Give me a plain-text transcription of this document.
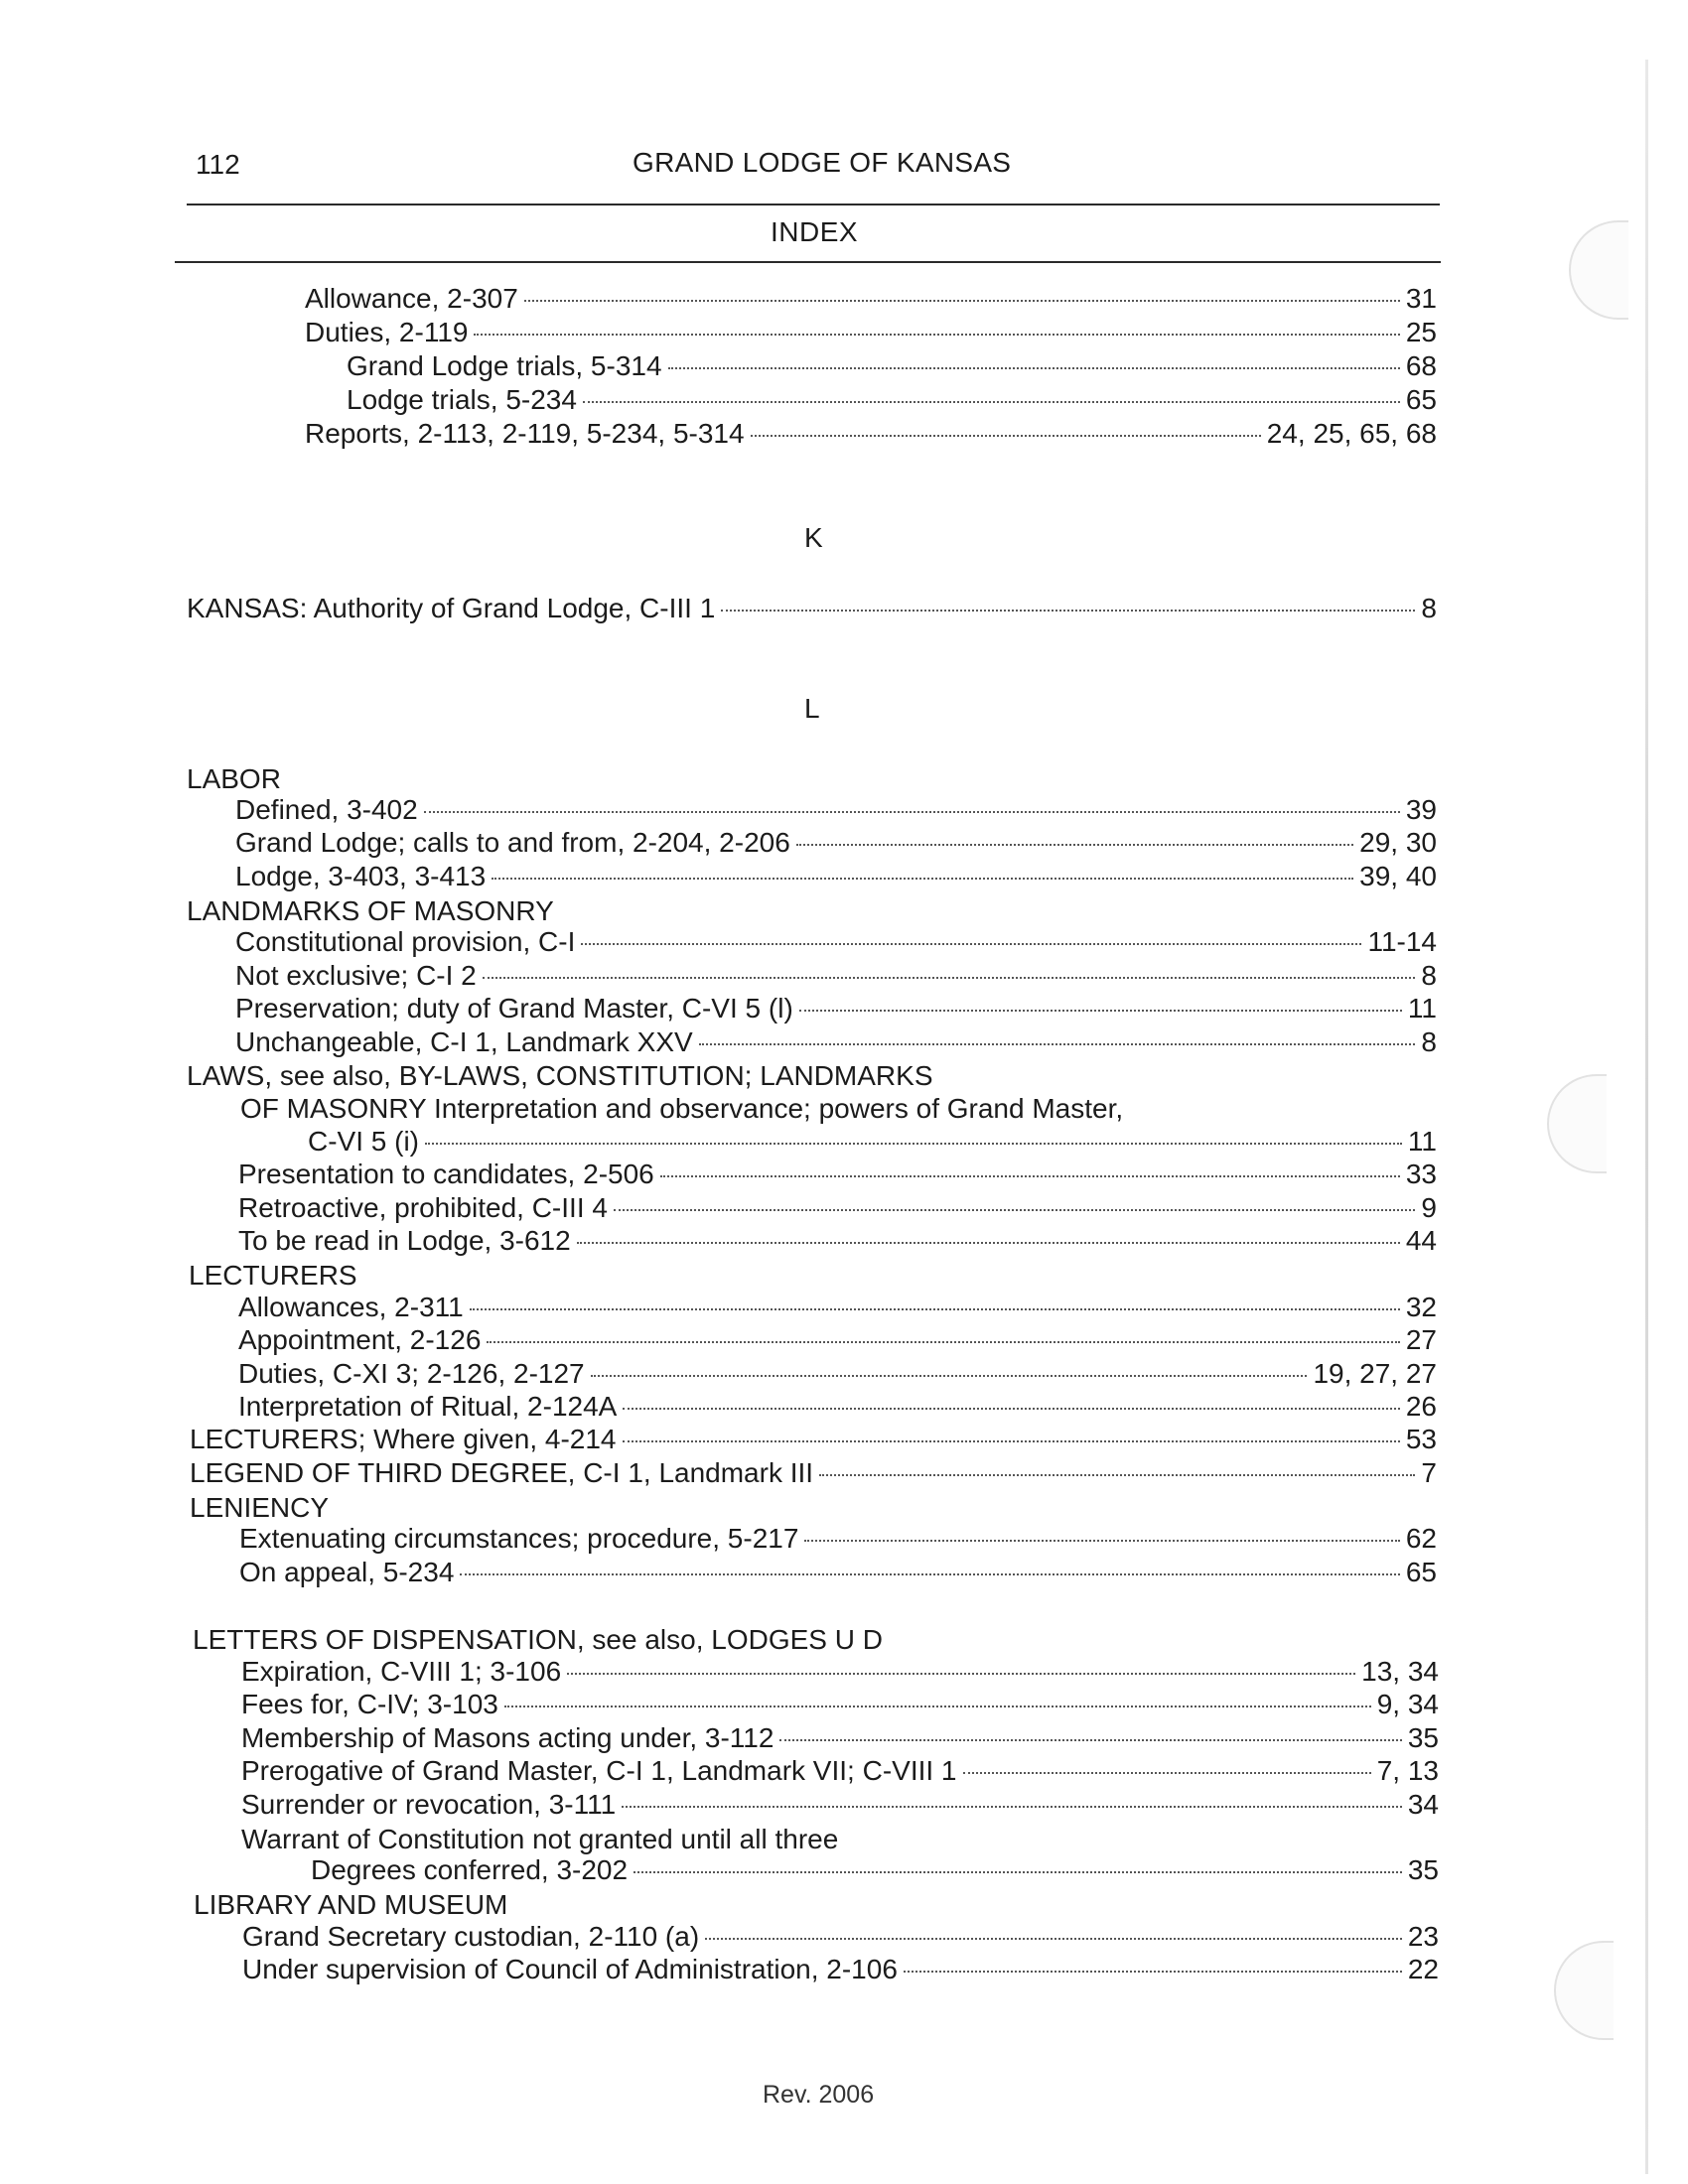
112	GRAND LODGE OF KANSAS
INDEX
Allowance, 2-307	31
Duties, 2-119	25
Grand Lodge trials, 5-314	68
Lodge trials, 5-234	65
Reports, 2-113, 2-119, 5-234, 5-314	24, 25, 65, 68
K
KANSAS: Authority of Grand Lodge, C-III 1	8
L
LABOR
Defined, 3-402	39
Grand Lodge; calls to and from, 2-204, 2-206	29, 30
Lodge, 3-403, 3-413	39, 40
LANDMARKS OF MASONRY
Constitutional provision, C-I	11-14
Not exclusive; C-I 2	8
Preservation; duty of Grand Master, C-VI 5 (l)	11
Unchangeable, C-I 1, Landmark XXV	8
LAWS, see also, BY-LAWS, CONSTITUTION; LANDMARKS
OF MASONRY Interpretation and observance; powers of Grand Master,
C-VI 5 (i)	11
Presentation to candidates, 2-506	33
Retroactive, prohibited, C-III 4	9
To be read in Lodge, 3-612	44
LECTURERS
Allowances, 2-311	32
Appointment, 2-126	27
Duties, C-XI 3; 2-126, 2-127	19, 27, 27
Interpretation of Ritual, 2-124A	26
LECTURERS; Where given, 4-214	53
LEGEND OF THIRD DEGREE, C-I 1, Landmark III	7
LENIENCY
Extenuating circumstances; procedure, 5-217	62
On appeal, 5-234	65
LETTERS OF DISPENSATION, see also, LODGES U D
Expiration, C-VIII 1; 3-106	13, 34
Fees for, C-IV; 3-103	9, 34
Membership of Masons acting under, 3-112	35
Prerogative of Grand Master, C-I 1, Landmark VII; C-VIII 1	7, 13
Surrender or revocation, 3-111	34
Warrant of Constitution not granted until all three
Degrees conferred, 3-202	35
LIBRARY AND MUSEUM
Grand Secretary custodian, 2-110 (a)	23
Under supervision of Council of Administration, 2-106	22
Rev. 2006
